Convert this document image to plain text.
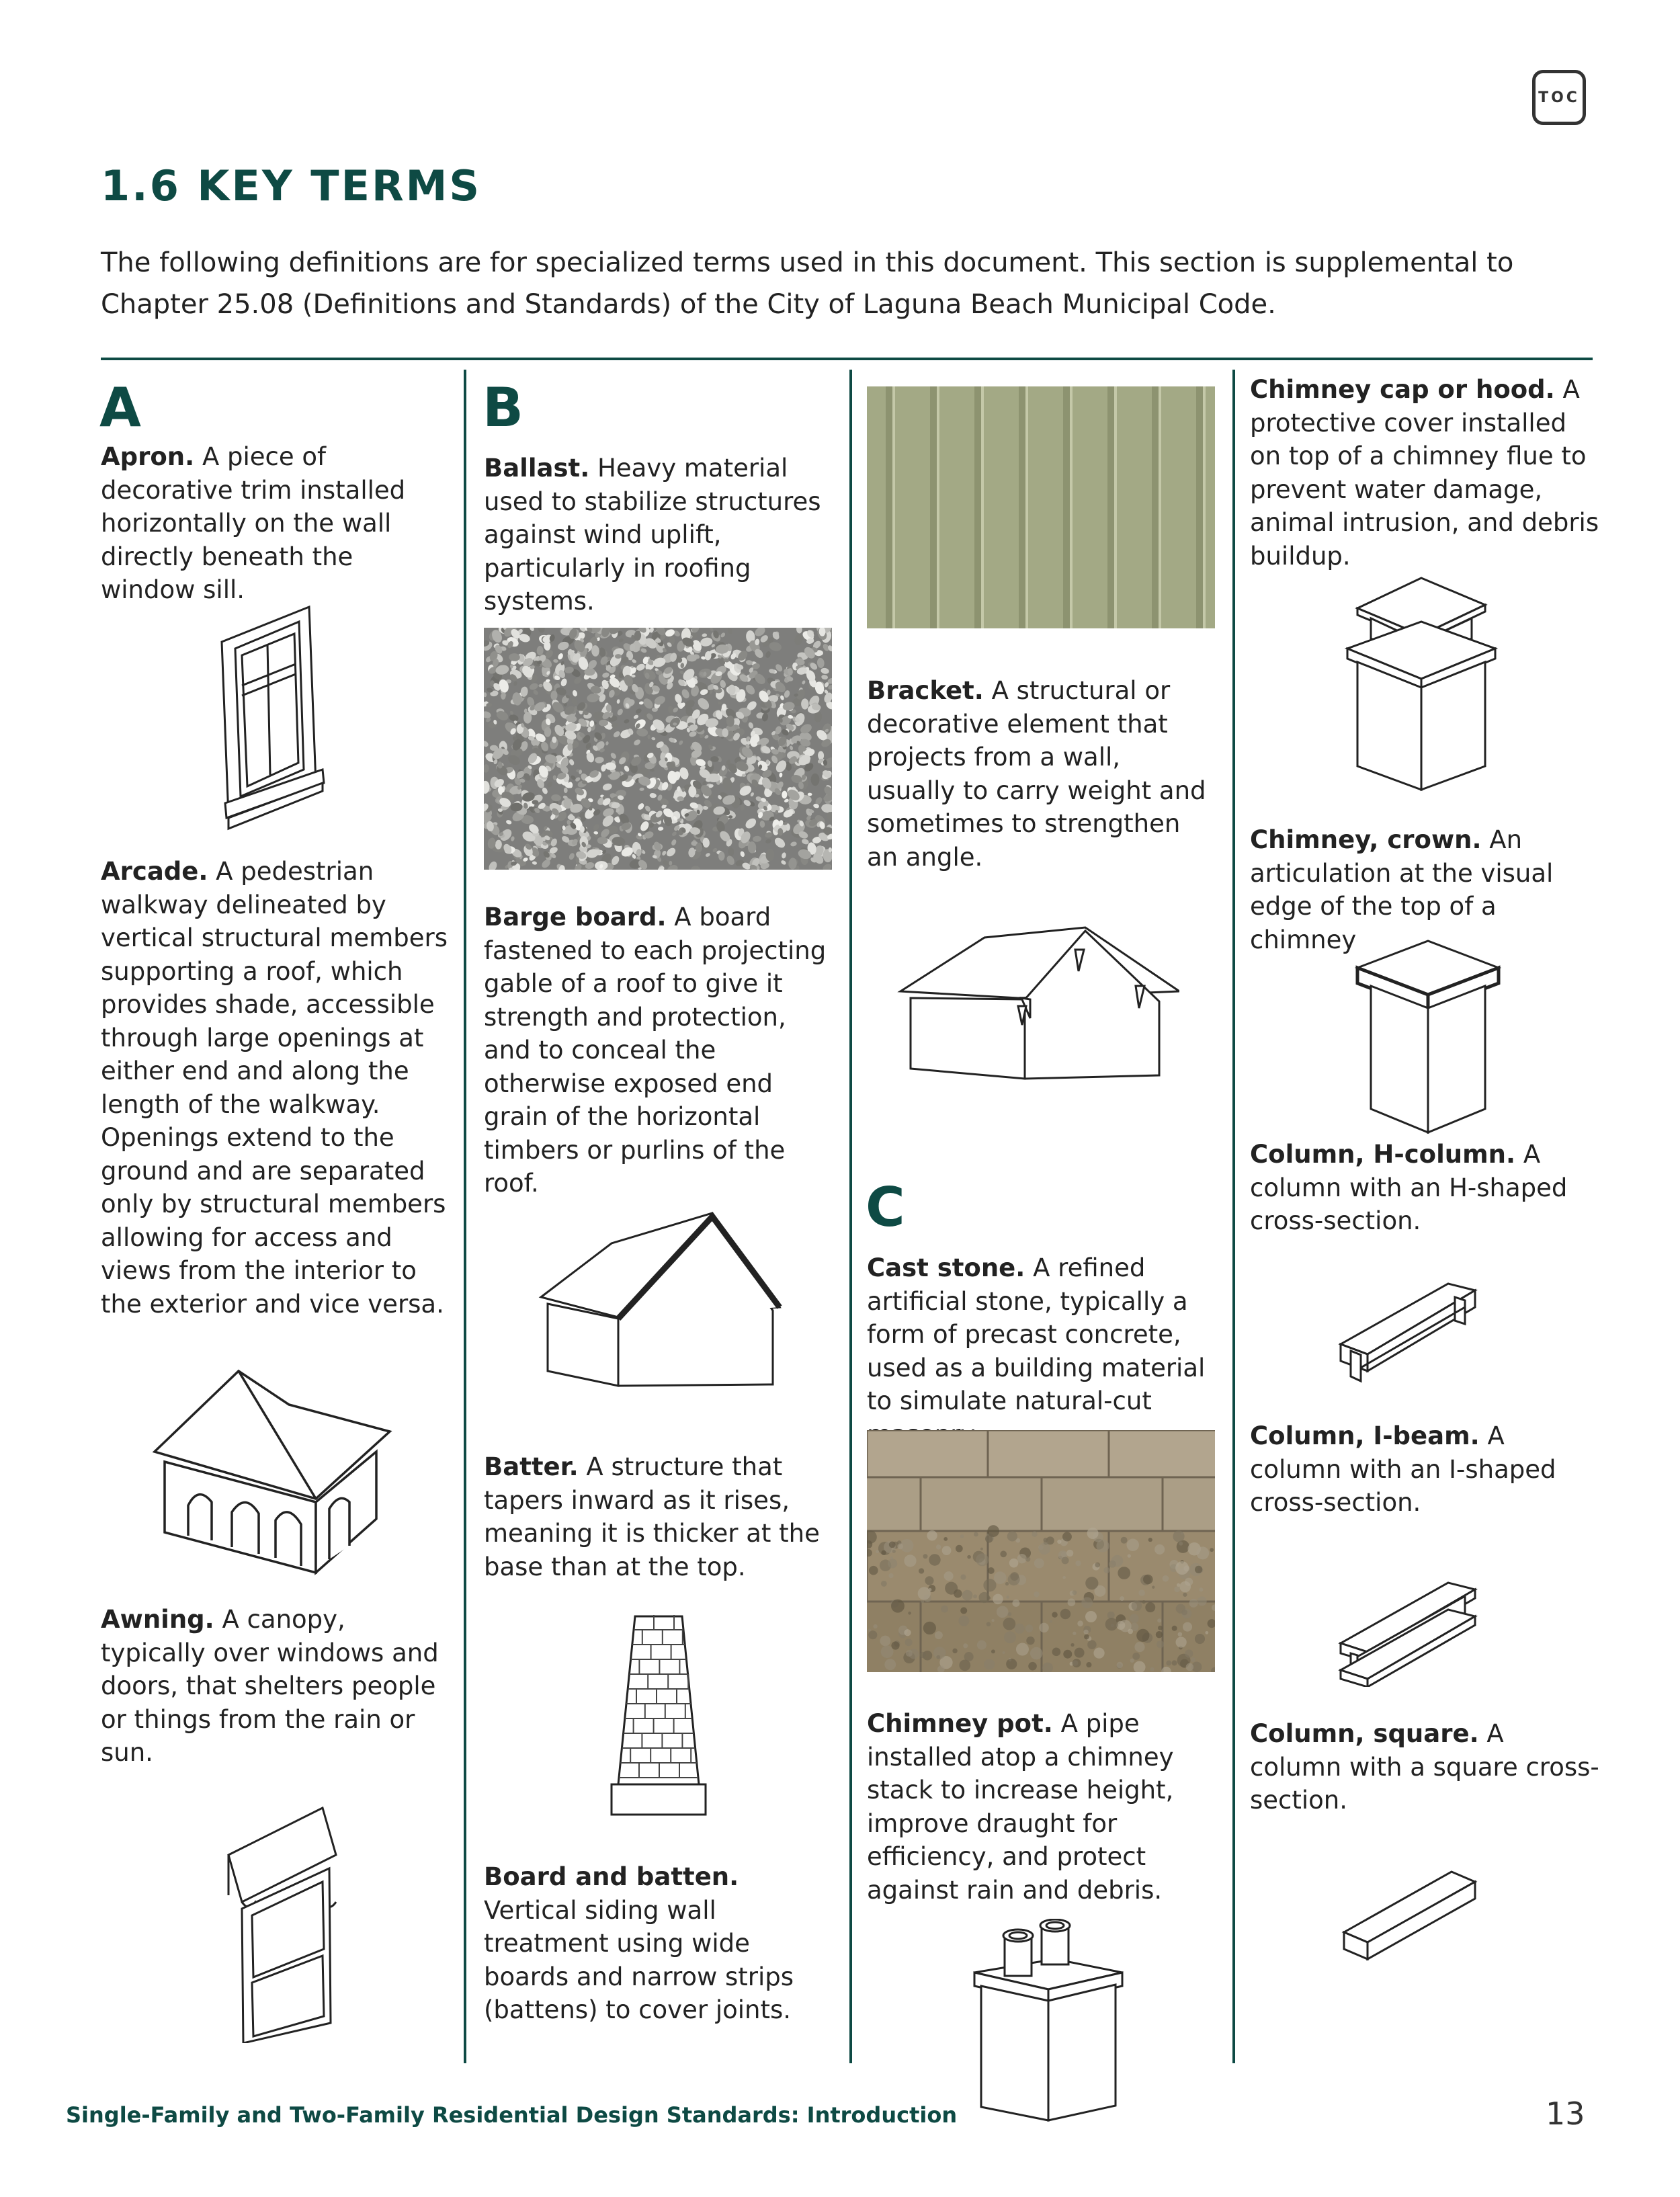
TOC
1.6 KEY TERMS
The following definitions are for specialized terms used in this document. This section is supplemental to Chapter 25.08 (Definitions and Standards) of the City of Laguna Beach Municipal Code.
A
Apron. A piece of decorative trim installed horizontally on the wall directly beneath the window sill.
Arcade. A pedestrian walkway delineated by vertical structural members supporting a roof, which provides shade, accessible through large openings at either end and along the length of the walkway. Openings extend to the ground and are separated only by structural members allowing for access and views from the interior to the exterior and vice versa.
Awning. A canopy, typically over windows and doors, that shelters people or things from the rain or sun.
B
Ballast. Heavy material used to stabilize structures against wind uplift, particularly in roofing systems.
Barge board. A board fastened to each projecting gable of a roof to give it strength and protection, and to conceal the otherwise exposed end grain of the horizontal timbers or purlins of the roof.
Batter. A structure that tapers inward as it rises, meaning it is thicker at the base than at the top.
Board and batten. Vertical siding wall treatment using wide boards and narrow strips (battens) to cover joints.
Bracket. A structural or decorative element that projects from a wall, usually to carry weight and sometimes to strengthen an angle.
C
Cast stone. A refined artificial stone, typically a form of precast concrete, used as a building material to simulate natural-cut
Chimney pot. A pipe installed atop a chimney stack to increase height, improve draught for efficiency, and protect against rain and debris.
Chimney cap or hood. A protective cover installed on top of a chimney flue to prevent water damage, animal intrusion, and debris buildup.
Chimney, crown. An articulation at the visual edge of the top of a chimney
Column, H-column. A column with an H-shaped cross-section.
Column, I-beam. A column with an I-shaped cross-section.
Column, square. A column with a square cross-section.
Single-Family and Two-Family Residential Design Standards: Introduction	13
